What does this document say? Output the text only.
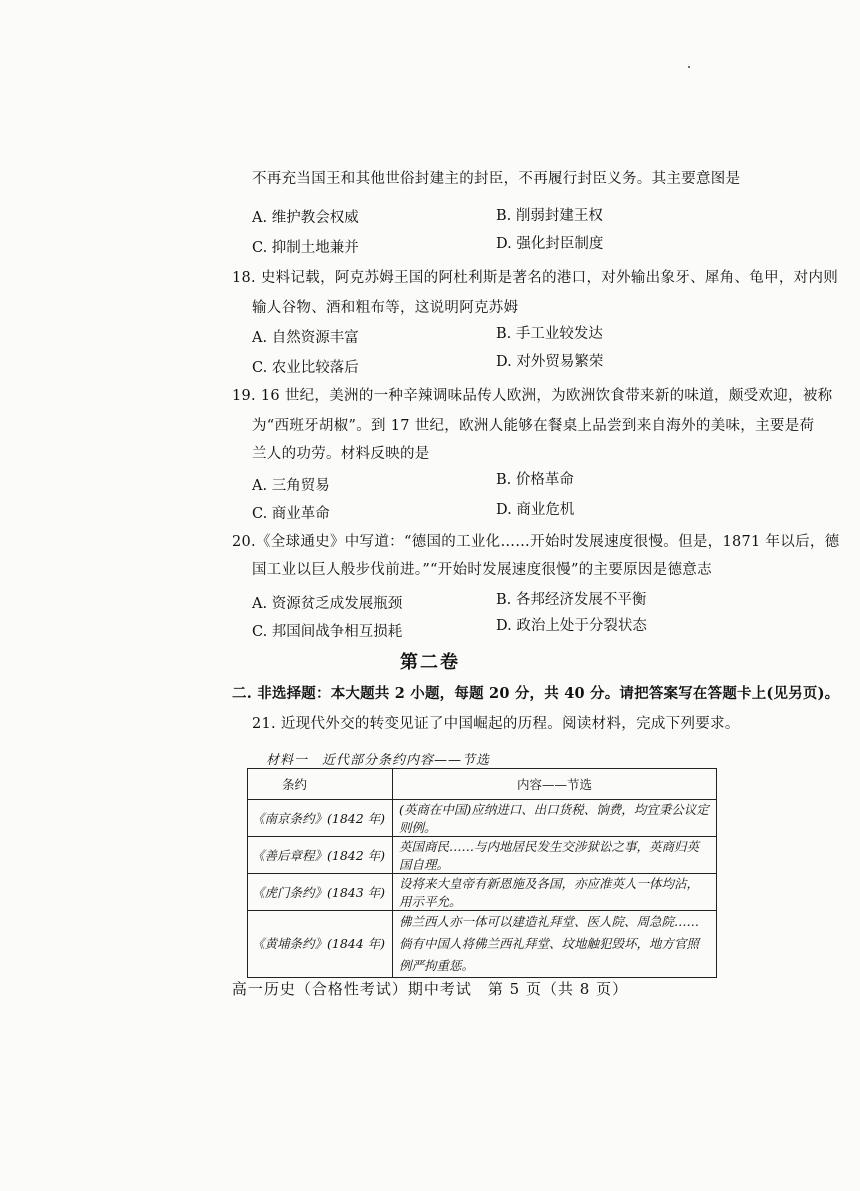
不再充当国王和其他世俗封建主的封臣，不再履行封臣义务。其主要意图是
A. 维护教会权威	B. 削弱封建王权
C. 抑制土地兼并	D. 强化封臣制度
18. 史料记载，阿克苏姆王国的阿杜利斯是著名的港口，对外输出象牙、犀角、龟甲，对内则
输人谷物、酒和粗布等，这说明阿克苏姆
A. 自然资源丰富	B. 手工业较发达
C. 农业比较落后	D. 对外贸易繁荣
19. 16 世纪，美洲的一种辛辣调味品传人欧洲，为欧洲饮食带来新的味道，颇受欢迎，被称
为“西班牙胡椒”。到 17 世纪，欧洲人能够在餐桌上品尝到来自海外的美味，主要是荷
兰人的功劳。材料反映的是
A. 三角贸易	B. 价格革命
C. 商业革命	D. 商业危机
20.《全球通史》中写道：“德国的工业化……开始时发展速度很慢。但是，1871 年以后，德
国工业以巨人般步伐前进。”“开始时发展速度很慢”的主要原因是德意志
A. 资源贫乏成发展瓶颈	B. 各邦经济发展不平衡
C. 邦国间战争相互损耗	D. 政治上处于分裂状态
第二卷
二. 非选择题：本大题共 2 小题，每题 20 分，共 40 分。请把答案写在答题卡上(见另页)。
21. 近现代外交的转变见证了中国崛起的历程。阅读材料，完成下列要求。
材料一　近代部分条约内容——节选
条约	内容——节选
《南京条约》(1842 年)	(英商在中国)应纳进口、出口货税、饷费，均宜秉公议定则例。
《善后章程》(1842 年)	英国商民……与内地居民发生交涉狱讼之事，英商归英国自理。
《虎门条约》(1843 年)	设将来大皇帝有新恩施及各国，亦应准英人一体均沾，用示平允。
《黄埔条约》(1844 年)	佛兰西人亦一体可以建造礼拜堂、医人院、周急院……倘有中国人将佛兰西礼拜堂、坟地触犯毁坏，地方官照例严拘重惩。
高一历史（合格性考试）期中考试　第 5 页（共 8 页）
